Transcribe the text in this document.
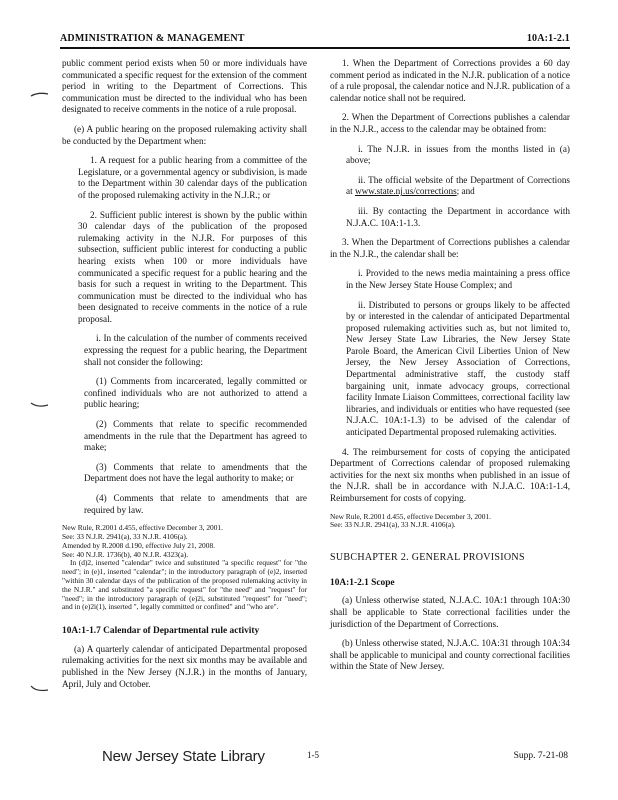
ADMINISTRATION & MANAGEMENT	10A:1-2.1

public comment period exists when 50 or more individuals have communicated a specific request for the extension of the comment period in writing to the Department of Corrections. This communication must be directed to the individual who has been designated to receive comments in the notice of a rule proposal.

(e) A public hearing on the proposed rulemaking activity shall be conducted by the Department when:

1. A request for a public hearing from a committee of the Legislature, or a governmental agency or subdivision, is made to the Department within 30 calendar days of the publication of the proposed rulemaking activity in the N.J.R.; or

2. Sufficient public interest is shown by the public within 30 calendar days of the publication of the proposed rulemaking activity in the N.J.R. For purposes of this subsection, sufficient public interest for conducting a public hearing exists when 100 or more individuals have communicated a specific request for a public hearing and the basis for such a request in writing to the Department. This communication must be directed to the individual who has been designated to receive comments in the notice of a rule proposal.

i. In the calculation of the number of comments received expressing the request for a public hearing, the Department shall not consider the following:

(1) Comments from incarcerated, legally committed or confined individuals who are not authorized to attend a public hearing;

(2) Comments that relate to specific recommended amendments in the rule that the Department has agreed to make;

(3) Comments that relate to amendments that the Department does not have the legal authority to make; or

(4) Comments that relate to amendments that are required by law.

New Rule, R.2001 d.455, effective December 3, 2001.

See: 33 N.J.R. 2941(a), 33 N.J.R. 4106(a).

Amended by R.2008 d.190, effective July 21, 2008.

See: 40 N.J.R. 1736(b), 40 N.J.R. 4323(a).

In (d)2, inserted "calendar" twice and substituted "a specific request" for "the need"; in (e)1, inserted "calendar"; in the introductory paragraph of (e)2, inserted "within 30 calendar days of the publication of the proposed rulemaking activity in the N.J.R." and substituted "a specific request" for "the need" and "request" for "need"; in the introductory paragraph of (e)2i, substituted "request" for "need"; and in (e)2i(1), inserted ", legally committed or confined" and "who are".

10A:1-1.7 Calendar of Departmental rule activity

(a) A quarterly calendar of anticipated Departmental proposed rulemaking activities for the next six months may be available and published in the New Jersey (N.J.R.) in the months of January, April, July and October.

1. When the Department of Corrections provides a 60 day comment period as indicated in the N.J.R. publication of a notice of a rule proposal, the calendar notice and N.J.R. publication of a calendar notice shall not be required.

2. When the Department of Corrections publishes a calendar in the N.J.R., access to the calendar may be obtained from:

i. The N.J.R. in issues from the months listed in (a) above;

ii. The official website of the Department of Corrections at www.state.nj.us/corrections; and

iii. By contacting the Department in accordance with N.J.A.C. 10A:1-1.3.

3. When the Department of Corrections publishes a calendar in the N.J.R., the calendar shall be:

i. Provided to the news media maintaining a press office in the New Jersey State House Complex; and

ii. Distributed to persons or groups likely to be affected by or interested in the calendar of anticipated Departmental proposed rulemaking activities such as, but not limited to, New Jersey State Law Libraries, the New Jersey State Parole Board, the American Civil Liberties Union of New Jersey, the New Jersey Association of Corrections, Departmental administrative staff, the custody staff bargaining unit, inmate advocacy groups, correctional facility Inmate Liaison Committees, correctional facility law libraries, and individuals or entities who have requested (see N.J.A.C. 10A:1-1.3) to be advised of the calendar of anticipated Departmental proposed rulemaking activities.

4. The reimbursement for costs of copying the anticipated Department of Corrections calendar of proposed rulemaking activities for the next six months when published in an issue of the N.J.R. shall be in accordance with N.J.A.C. 10A:1-1.4, Reimbursement for costs of copying.

New Rule, R.2001 d.455, effective December 3, 2001.

See: 33 N.J.R. 2941(a), 33 N.J.R. 4106(a).

SUBCHAPTER 2. GENERAL PROVISIONS

10A:1-2.1 Scope

(a) Unless otherwise stated, N.J.A.C. 10A:1 through 10A:30 shall be applicable to State correctional facilities under the jurisdiction of the Department of Corrections.

(b) Unless otherwise stated, N.J.A.C. 10A:31 through 10A:34 shall be applicable to municipal and county correctional facilities within the State of New Jersey.

New Jersey State Library	1-5	Supp. 7-21-08
